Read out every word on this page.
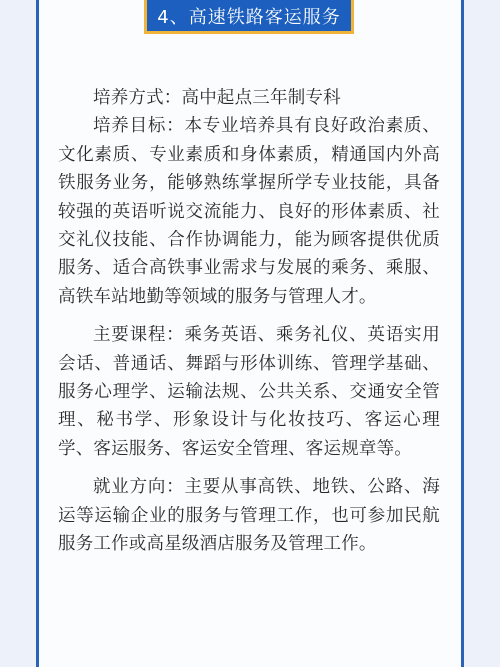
4、高速铁路客运服务

培养方式：高中起点三年制专科

培养目标：本专业培养具有良好政治素质、文化素质、专业素质和身体素质，精通国内外高铁服务业务，能够熟练掌握所学专业技能，具备较强的英语听说交流能力、良好的形体素质、社交礼仪技能、合作协调能力，能为顾客提供优质服务、适合高铁事业需求与发展的乘务、乘服、高铁车站地勤等领域的服务与管理人才。

主要课程：乘务英语、乘务礼仪、英语实用会话、普通话、舞蹈与形体训练、管理学基础、服务心理学、运输法规、公共关系、交通安全管理、秘书学、形象设计与化妆技巧、客运心理学、客运服务、客运安全管理、客运规章等。

就业方向：主要从事高铁、地铁、公路、海运等运输企业的服务与管理工作，也可参加民航服务工作或高星级酒店服务及管理工作。
